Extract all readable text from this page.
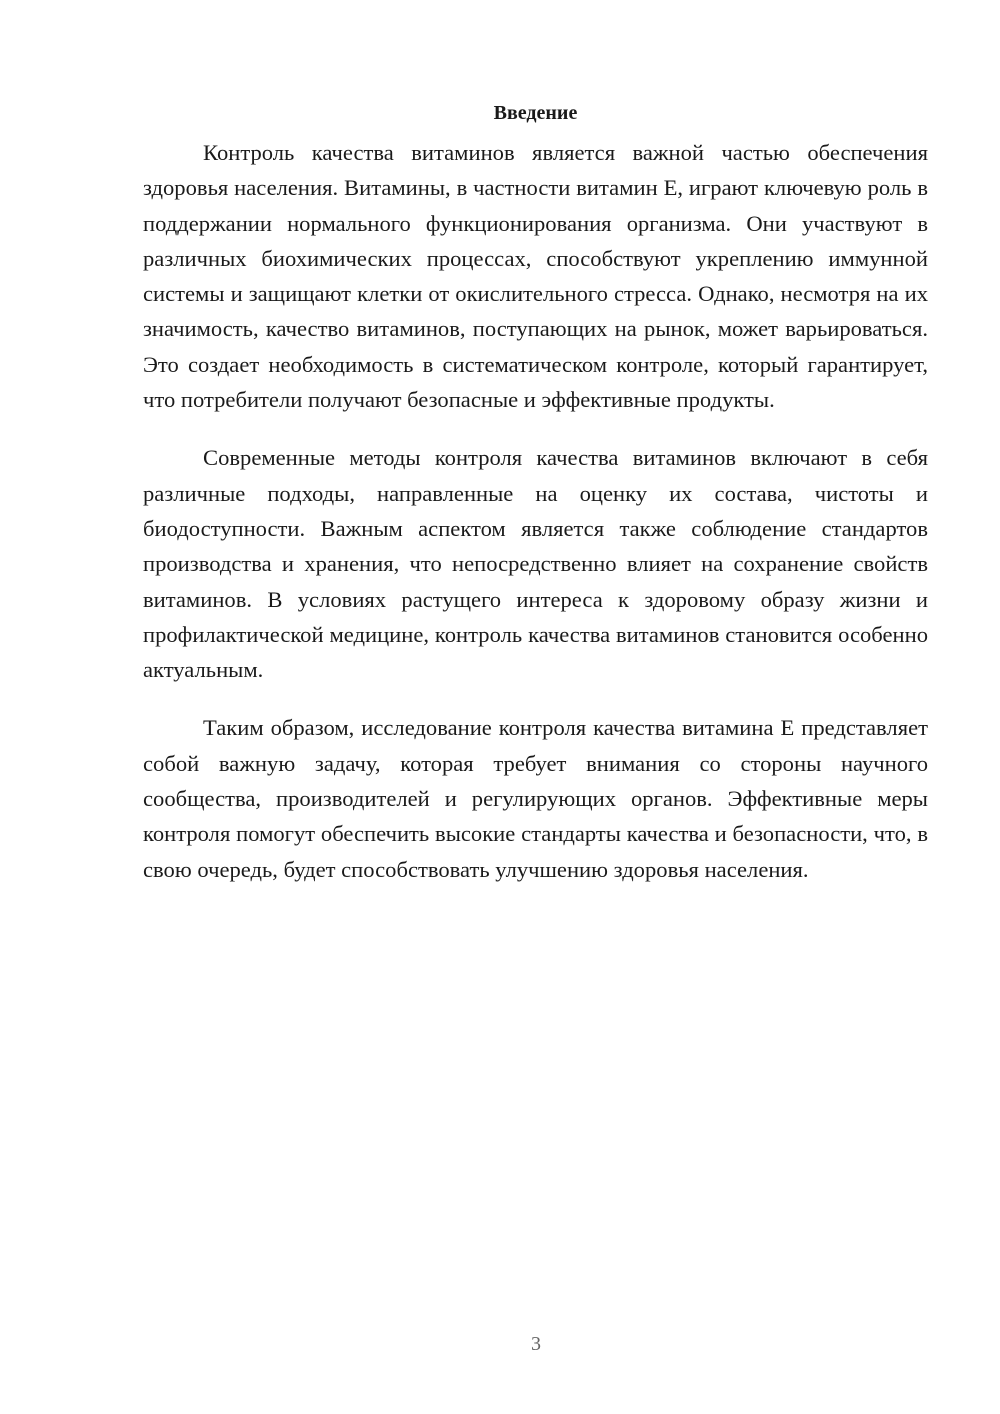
Введение

Контроль качества витаминов является важной частью обеспечения здоровья населения. Витамины, в частности витамин E, играют ключевую роль в поддержании нормального функционирования организма. Они участвуют в различных биохимических процессах, способствуют укреплению иммунной системы и защищают клетки от окислительного стресса. Однако, несмотря на их значимость, качество витаминов, поступающих на рынок, может варьироваться. Это создает необходимость в систематическом контроле, который гарантирует, что потребители получают безопасные и эффективные продукты.

Современные методы контроля качества витаминов включают в себя различные подходы, направленные на оценку их состава, чистоты и биодоступности. Важным аспектом является также соблюдение стандартов производства и хранения, что непосредственно влияет на сохранение свойств витаминов. В условиях растущего интереса к здоровому образу жизни и профилактической медицине, контроль качества витаминов становится особенно актуальным.

Таким образом, исследование контроля качества витамина E представляет собой важную задачу, которая требует внимания со стороны научного сообщества, производителей и регулирующих органов. Эффективные меры контроля помогут обеспечить высокие стандарты качества и безопасности, что, в свою очередь, будет способствовать улучшению здоровья населения.

3
